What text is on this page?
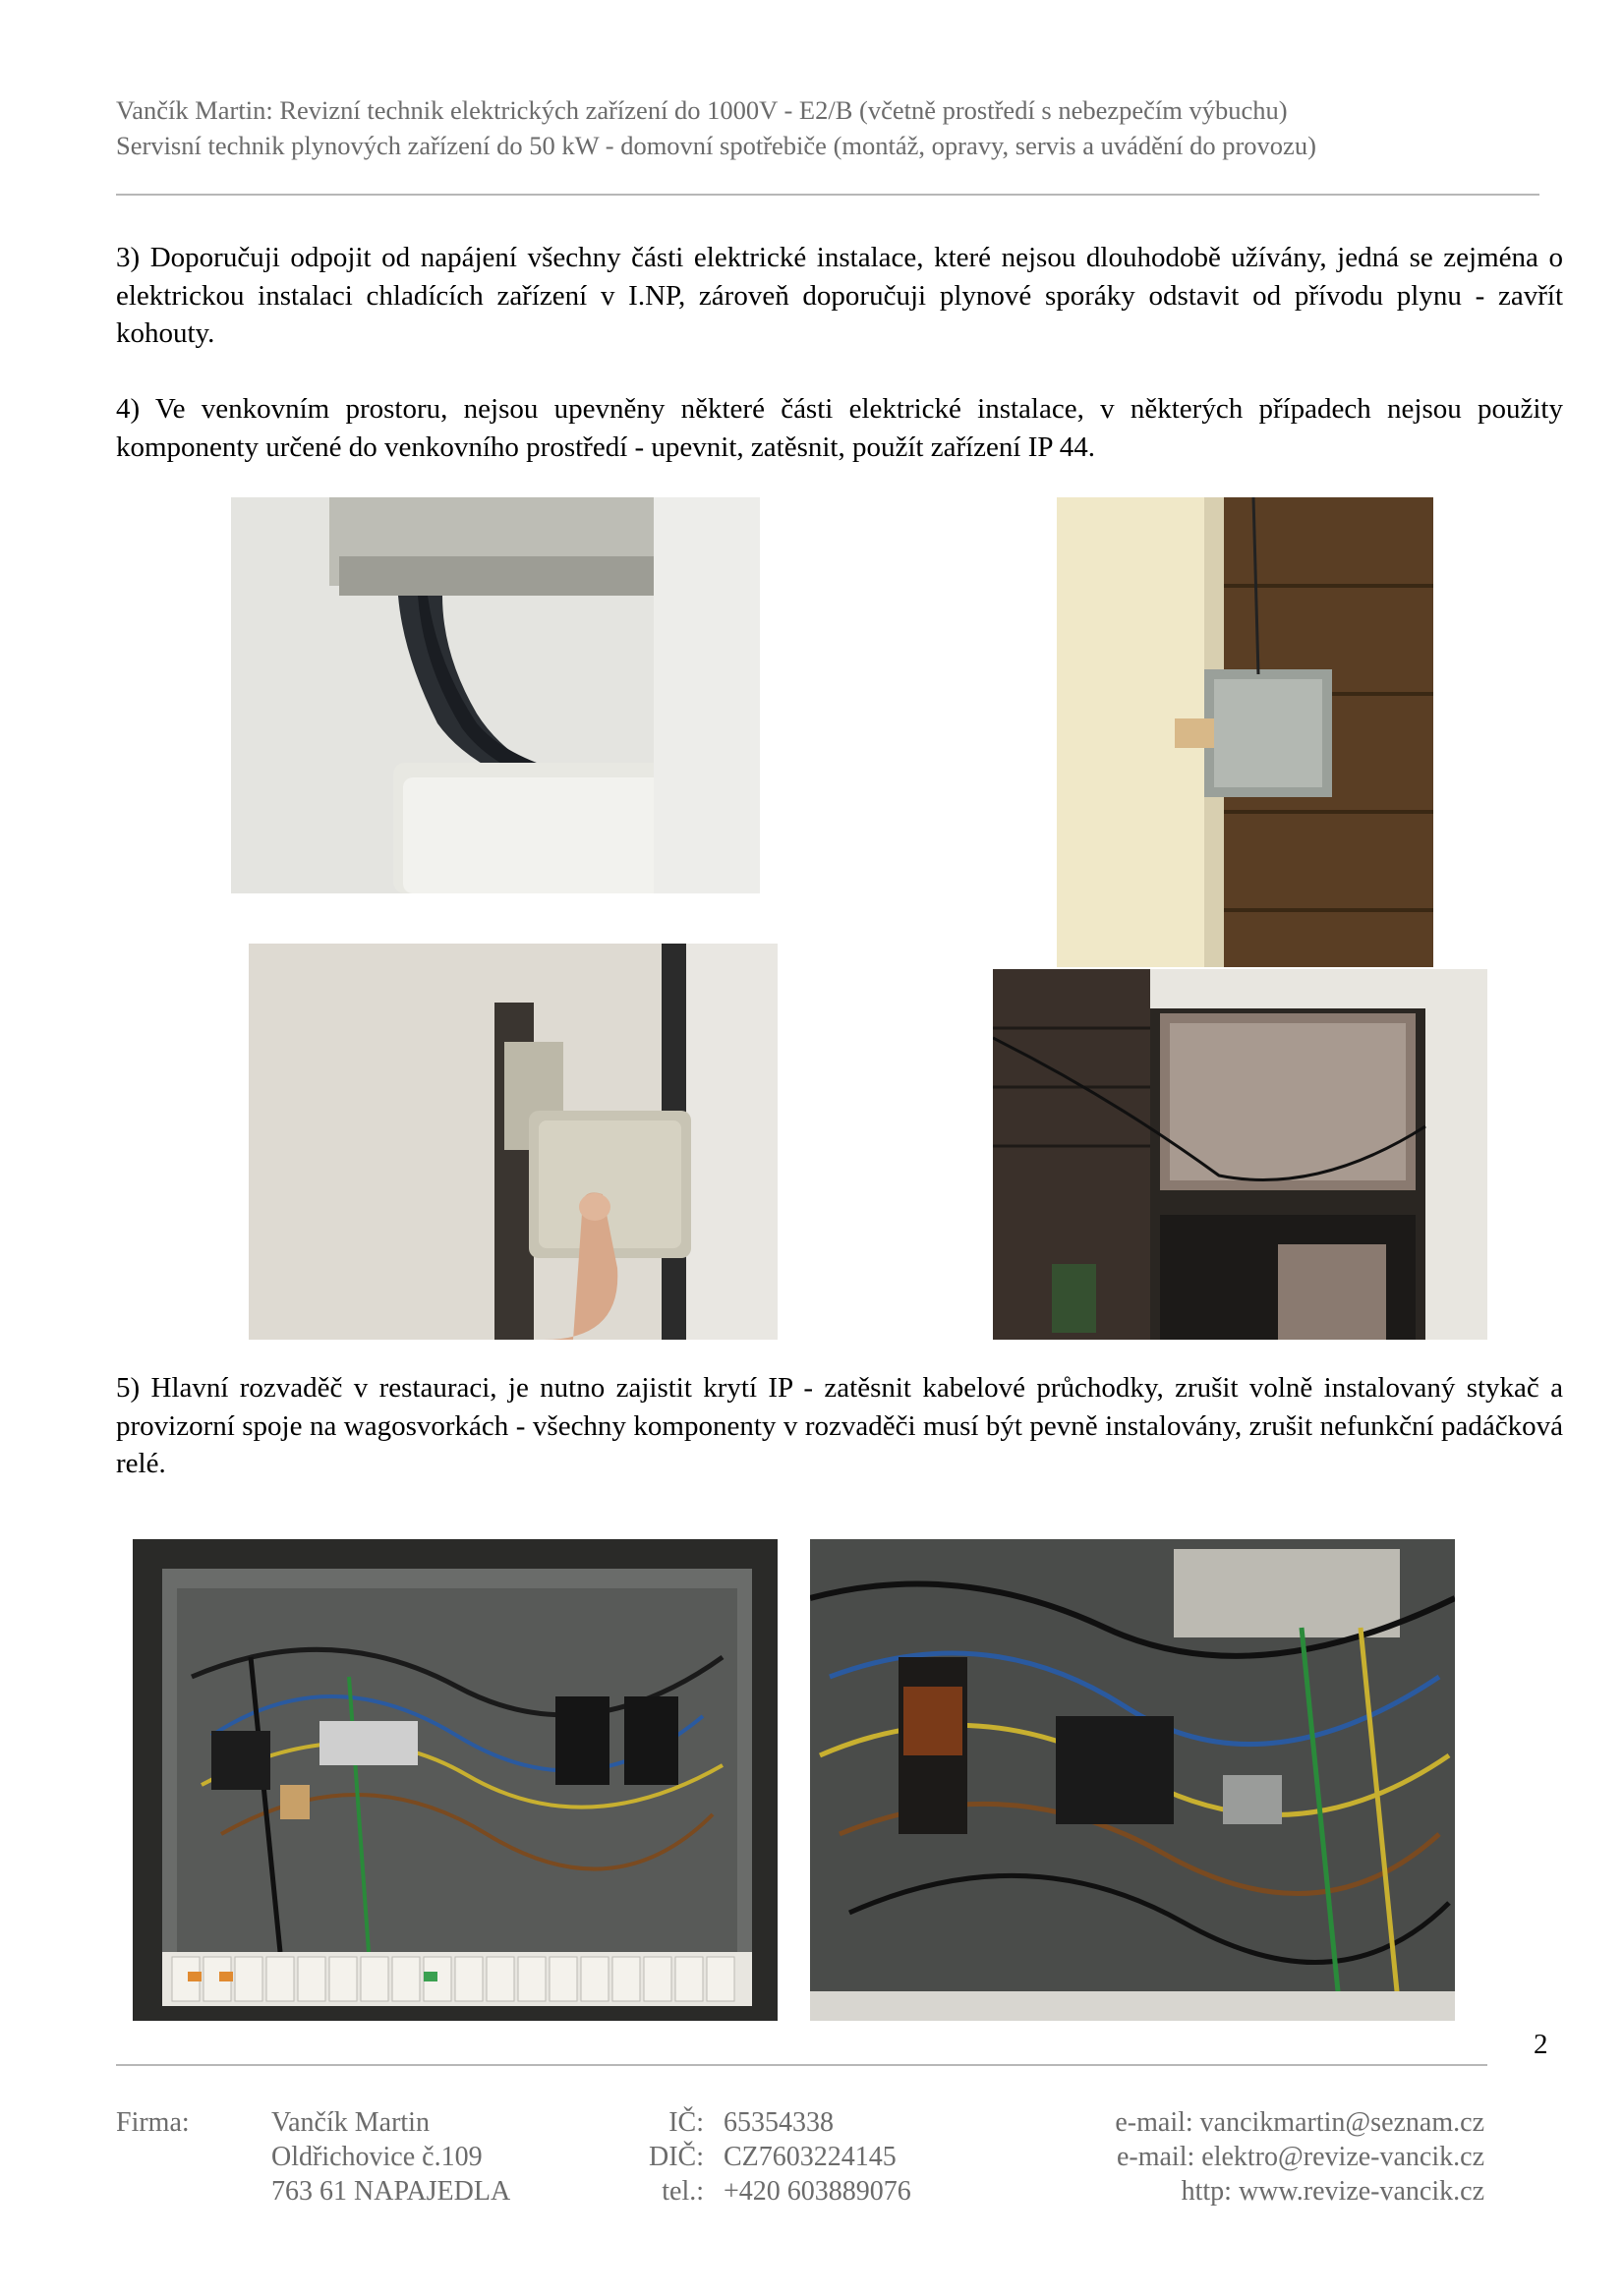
Vančík Martin: Revizní technik elektrických zařízení do 1000V - E2/B (včetně prostředí s nebezpečím výbuchu)
Servisní technik plynových zařízení do 50 kW - domovní spotřebiče (montáž, opravy, servis a uvádění do provozu)
3) Doporučuji odpojit od napájení všechny části elektrické instalace, které nejsou dlouhodobě užívány, jedná se zejména o elektrickou instalaci chladících zařízení v I.NP, zároveň doporučuji plynové sporáky odstavit od přívodu plynu - zavřít kohouty.
4) Ve venkovním prostoru, nejsou upevněny některé části elektrické instalace, v některých případech nejsou použity komponenty určené do venkovního prostředí - upevnit, zatěsnit, použít zařízení IP 44.
5) Hlavní rozvaděč v restauraci, je nutno zajistit krytí IP - zatěsnit kabelové průchodky, zrušit volně instalovaný stykač a provizorní spoje na wagosvorkách - všechny komponenty v rozvaděči musí být pevně instalovány, zrušit nefunkční padáčková relé.
2
Firma:	Vančík Martin
Oldřichovice č.109
763 61 NAPAJEDLA
IČ:
DIČ:
tel.:
65354338
CZ7603224145
+420 603889076
e-mail: vancikmartin@seznam.cz
e-mail: elektro@revize-vancik.cz
http: www.revize-vancik.cz
